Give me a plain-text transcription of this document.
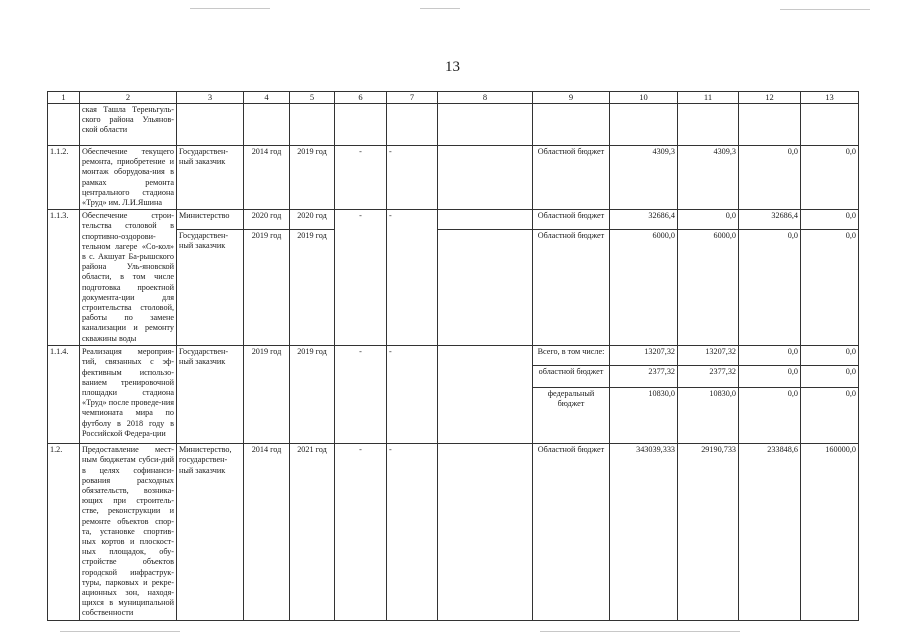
13
1	2	3	4	5	6	7	8	9	10	11	12	13
	ская Ташла Тереньгуль-ского района Ульянов-ской области											
1.1.2.	Обеспечение текущего ремонта, приобретение и монтаж оборудова-ния в рамках ремонта центрального стадиона «Труд» им. Л.И.Яшина	Государствен-ный заказчик	2014 год	2019 год	-	-		Областной бюджет	4309,3	4309,3	0,0	0,0
1.1.3.	Обеспечение строи-тельства столовой в спортивно-оздорови-тельном лагере «Со-кол» в с. Акшуат Ба-рышского района Уль-яновской области, в том числе подготовка проектной документа-ции для строительства столовой, работы по замене канализации и ремонту скважины воды	Министерство	2020 год	2020 год	-	-		Областной бюджет	32686,4	0,0	32686,4	0,0
		Государствен-ный заказчик	2019 год	2019 год				Областной бюджет	6000,0	6000,0	0,0	0,0
1.1.4.	Реализация мероприя-тий, связанных с эф-фективным использо-ванием тренировочной площадки стадиона «Труд» после проведе-ния чемпионата мира по футболу в 2018 году в Российской Федера-ции	Государствен-ный заказчик	2019 год	2019 год	-	-		Всего, в том числе:	13207,32	13207,32	0,0	0,0
								областной бюджет	2377,32	2377,32	0,0	0,0
								федеральный бюджет	10830,0	10830,0	0,0	0,0
1.2.	Предоставление мест-ным бюджетам субси-дий в целях софинанси-рования расходных обязательств, возника-ющих при строитель-стве, реконструкции и ремонте объектов спор-та, установке спортив-ных кортов и плоскост-ных площадок, обу-стройстве объектов городской инфраструк-туры, парковых и рекре-ационных зон, находя-щихся в муниципальной собственности	Министерство, государствен-ный заказчик	2014 год	2021 год	-	-		Областной бюджет	343039,333	29190,733	233848,6	160000,0
